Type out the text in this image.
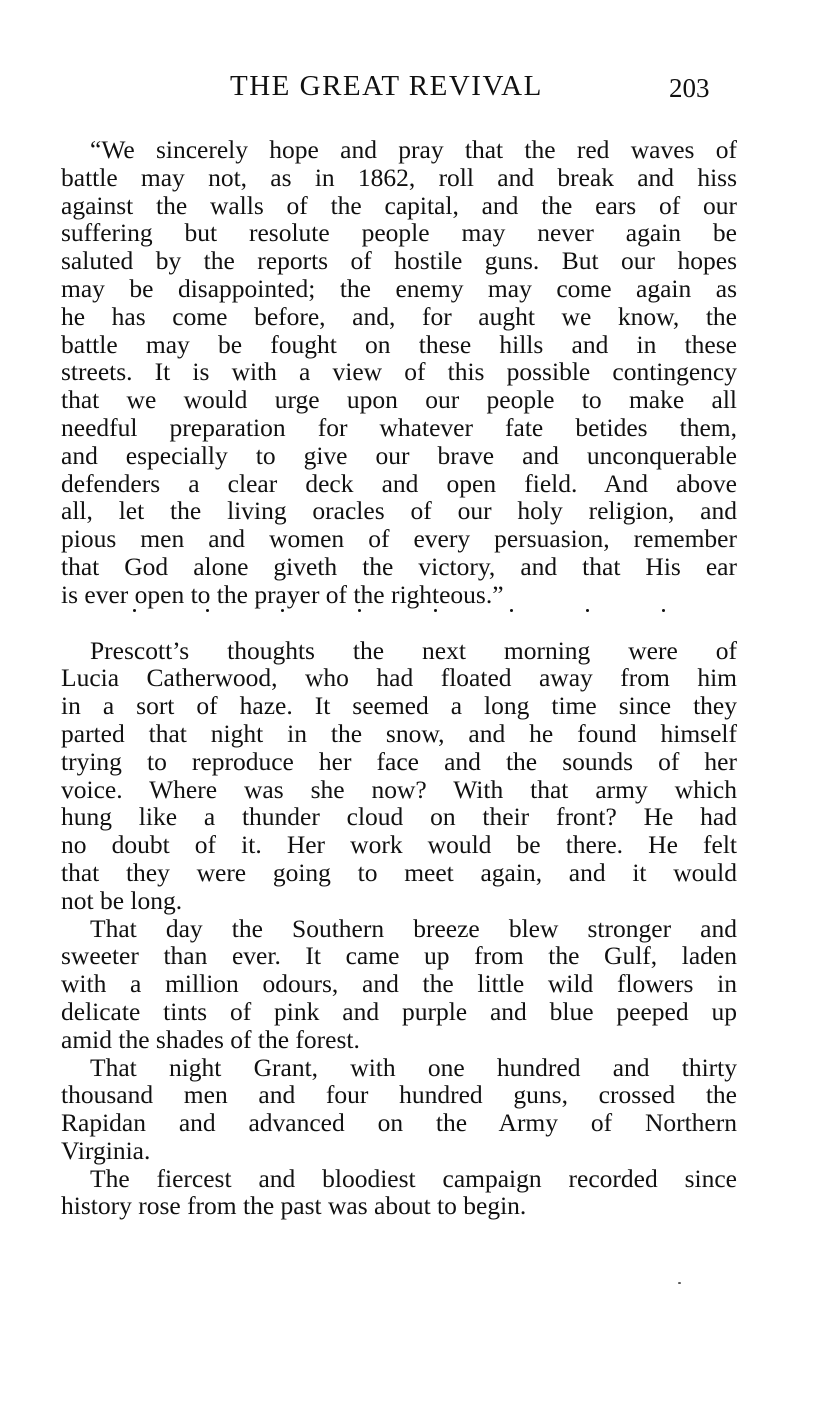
THE GREAT REVIVAL	203
“We sincerely hope and pray that the red waves of
battle may not, as in 1862, roll and break and hiss
against the walls of the capital, and the ears of our
suffering but resolute people may never again be
saluted by the reports of hostile guns. But our hopes
may be disappointed; the enemy may come again as
he has come before, and, for aught we know, the
battle may be fought on these hills and in these
streets. It is with a view of this possible contingency
that we would urge upon our people to make all
needful preparation for whatever fate betides them,
and especially to give our brave and unconquerable
defenders a clear deck and open field. And above
all, let the living oracles of our holy religion, and
pious men and women of every persuasion, remember
that God alone giveth the victory, and that His ear
is ever open to the prayer of the righteous.”
Prescott’s thoughts the next morning were of
Lucia Catherwood, who had floated away from him
in a sort of haze. It seemed a long time since they
parted that night in the snow, and he found himself
trying to reproduce her face and the sounds of her
voice. Where was she now? With that army which
hung like a thunder cloud on their front? He had
no doubt of it. Her work would be there. He felt
that they were going to meet again, and it would
not be long.
That day the Southern breeze blew stronger and
sweeter than ever. It came up from the Gulf, laden
with a million odours, and the little wild flowers in
delicate tints of pink and purple and blue peeped up
amid the shades of the forest.
That night Grant, with one hundred and thirty
thousand men and four hundred guns, crossed the
Rapidan and advanced on the Army of Northern
Virginia.
The fiercest and bloodiest campaign recorded since
history rose from the past was about to begin.
